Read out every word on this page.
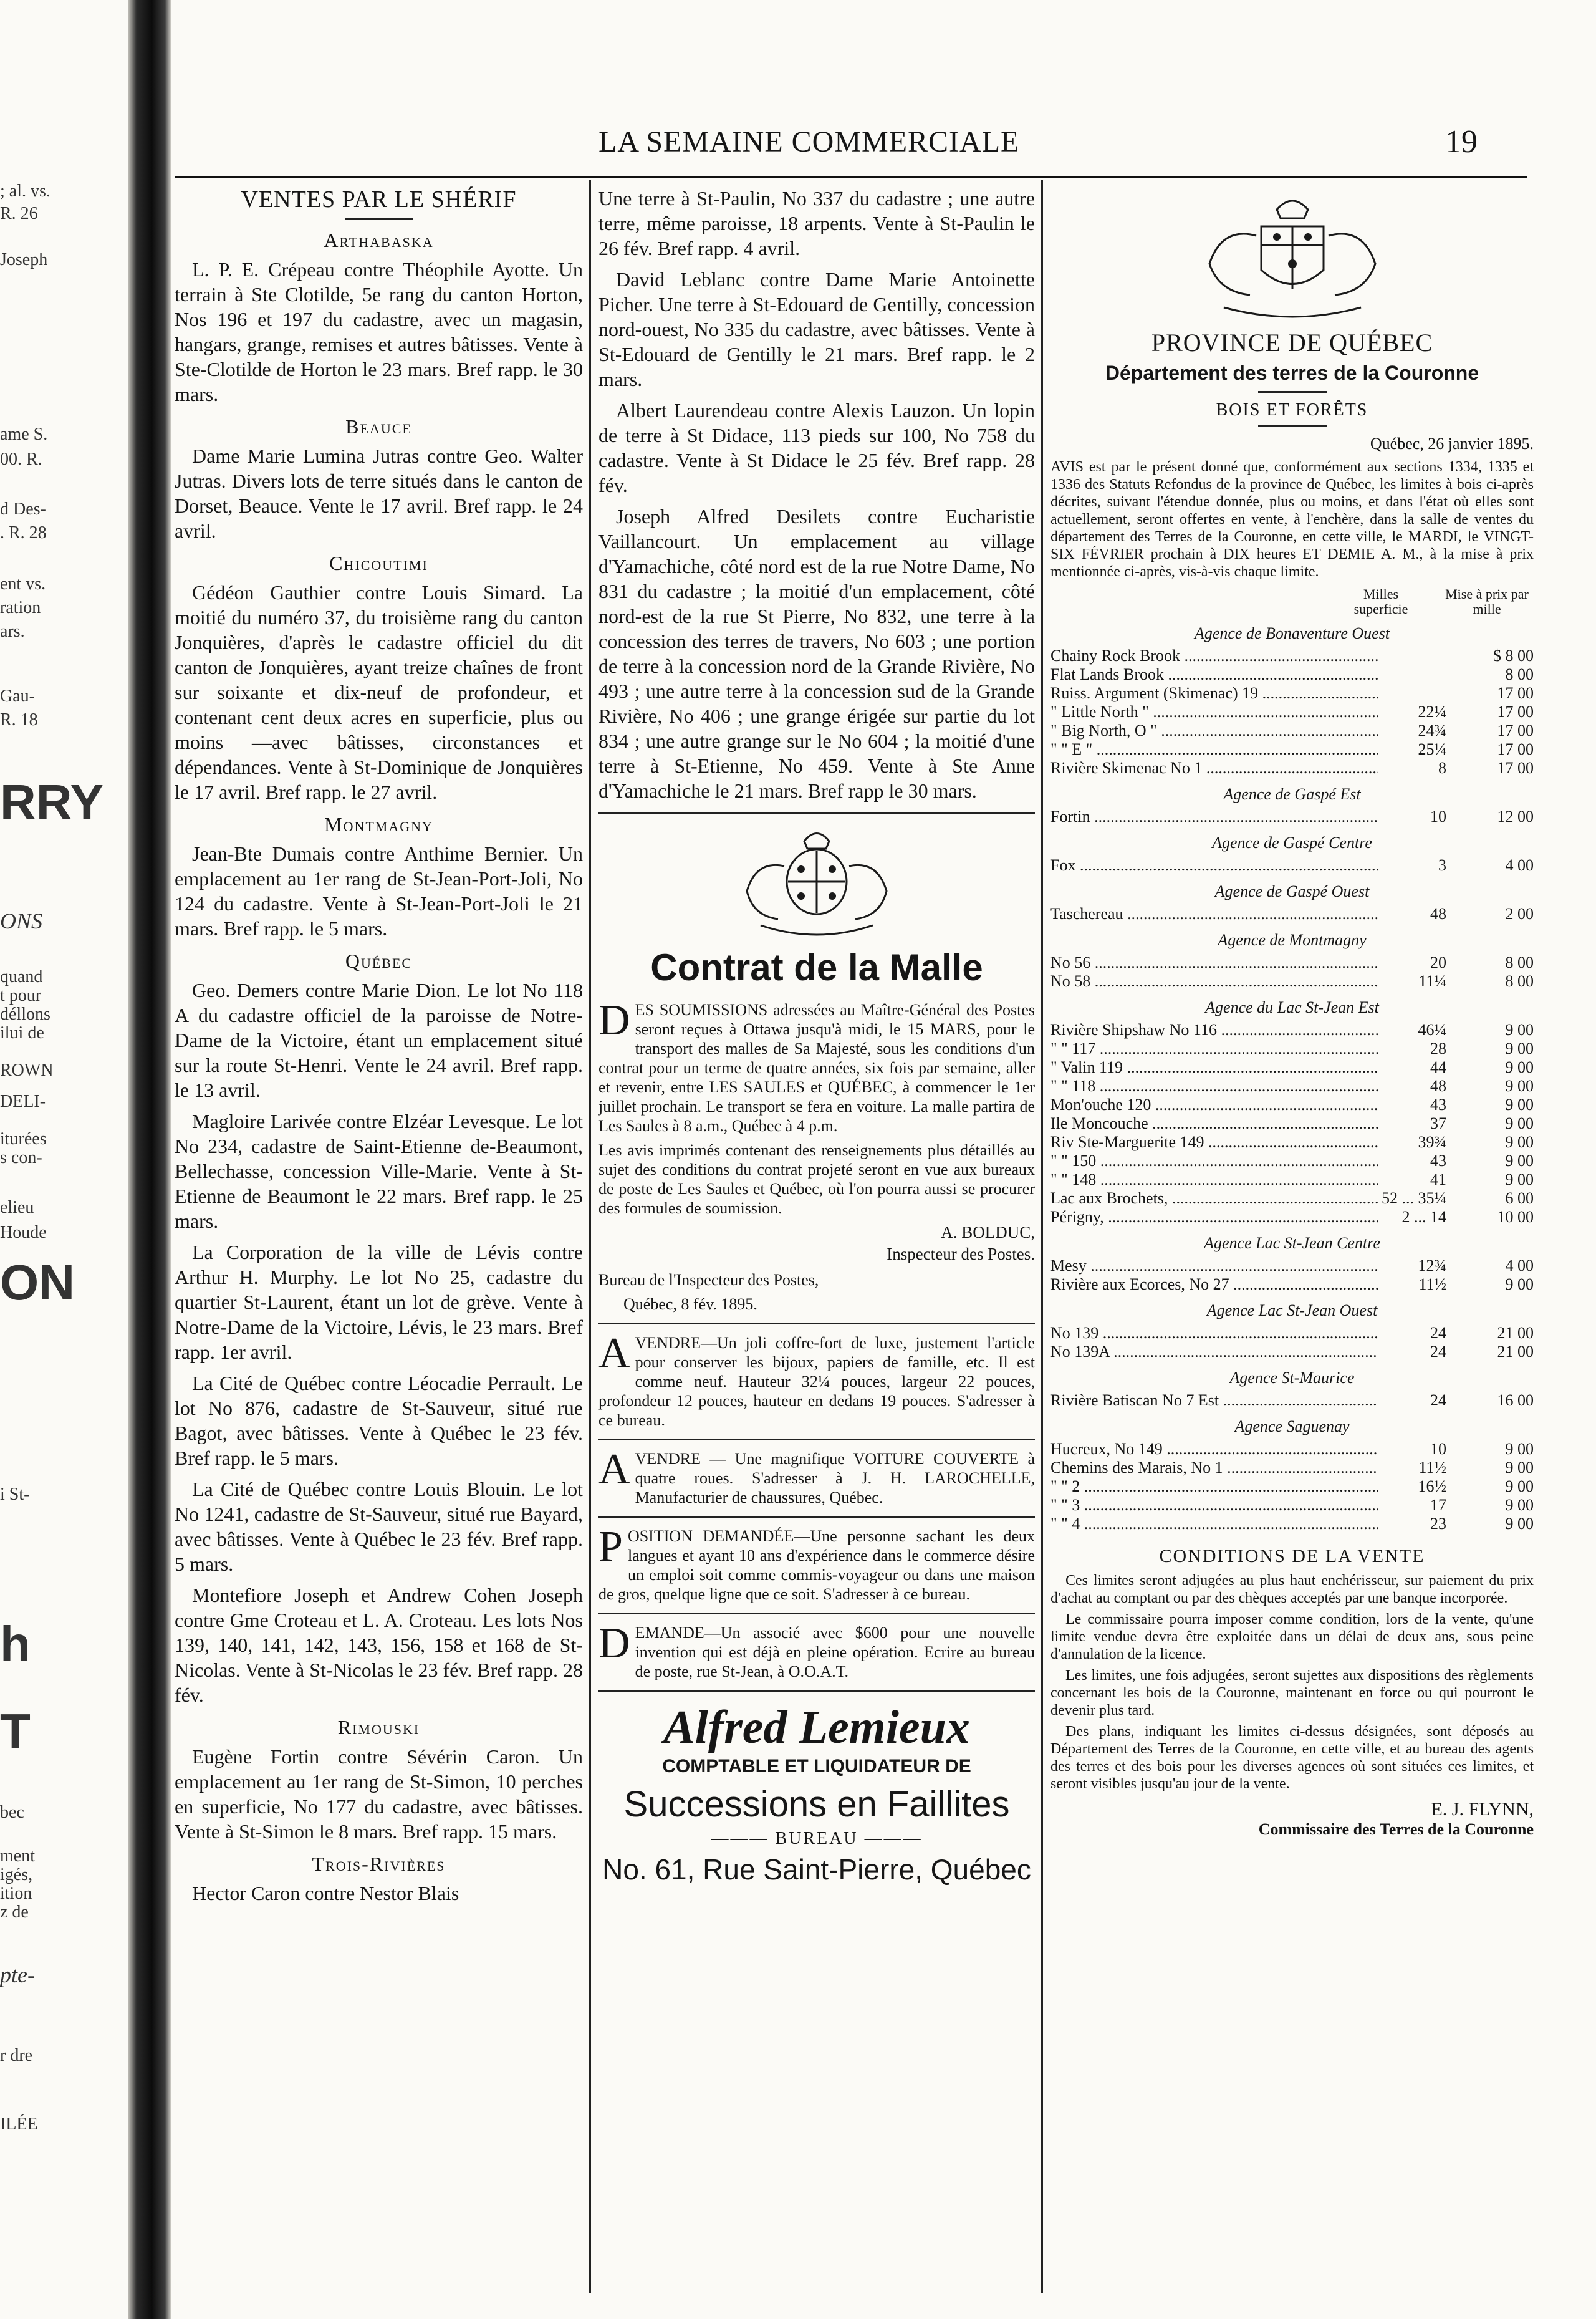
; al. vs.
R. 26
Joseph
ame S.
00. R.
d Des-
. R. 28
ent vs.
ration
ars.
Gau-
R. 18
RRY
ONS
quand
t pour
déllons
ilui de
ROWN
DELI-
iturées
s con-
elieu
Houde
ON
i St-
h
T
bec
ment
igés,
ition
z de
pte-
r dre
ILÉE
LA SEMAINE COMMERCIALE	19
VENTES PAR LE SHÉRIF
Arthabaska

L. P. E. Crépeau contre Théophile Ayotte. Un terrain à Ste Clotilde, 5e rang du canton Horton, Nos 196 et 197 du cadastre, avec un magasin, hangars, grange, remises et autres bâtisses. Vente à Ste-Clotilde de Horton le 23 mars. Bref rapp. le 30 mars.

Beauce

Dame Marie Lumina Jutras contre Geo. Walter Jutras. Divers lots de terre situés dans le canton de Dorset, Beauce. Vente le 17 avril. Bref rapp. le 24 avril.

Chicoutimi

Gédéon Gauthier contre Louis Simard. La moitié du numéro 37, du troisième rang du canton Jonquières, d'après le cadastre officiel du dit canton de Jonquières, ayant treize chaînes de front sur soixante et dix-neuf de profondeur, et contenant cent deux acres en superficie, plus ou moins —avec bâtisses, circonstances et dépendances. Vente à St-Dominique de Jonquières le 17 avril. Bref rapp. le 27 avril.

Montmagny

Jean-Bte Dumais contre Anthime Bernier. Un emplacement au 1er rang de St-Jean-Port-Joli, No 124 du cadastre. Vente à St-Jean-Port-Joli le 21 mars. Bref rapp. le 5 mars.

Québec

Geo. Demers contre Marie Dion. Le lot No 118 A du cadastre officiel de la paroisse de Notre-Dame de la Victoire, étant un emplacement situé sur la route St-Henri. Vente le 24 avril. Bref rapp. le 13 avril.

Magloire Larivée contre Elzéar Levesque. Le lot No 234, cadastre de Saint-Etienne de-Beaumont, Bellechasse, concession Ville-Marie. Vente à St-Etienne de Beaumont le 22 mars. Bref rapp. le 25 mars.

La Corporation de la ville de Lévis contre Arthur H. Murphy. Le lot No 25, cadastre du quartier St-Laurent, étant un lot de grève. Vente à Notre-Dame de la Victoire, Lévis, le 23 mars. Bref rapp. 1er avril.

La Cité de Québec contre Léocadie Perrault. Le lot No 876, cadastre de St-Sauveur, situé rue Bagot, avec bâtisses. Vente à Québec le 23 fév. Bref rapp. le 5 mars.

La Cité de Québec contre Louis Blouin. Le lot No 1241, cadastre de St-Sauveur, situé rue Bayard, avec bâtisses. Vente à Québec le 23 fév. Bref rapp. 5 mars.

Montefiore Joseph et Andrew Cohen Joseph contre Gme Croteau et L. A. Croteau. Les lots Nos 139, 140, 141, 142, 143, 156, 158 et 168 de St-Nicolas. Vente à St-Nicolas le 23 fév. Bref rapp. 28 fév.

Rimouski

Eugène Fortin contre Sévérin Caron. Un emplacement au 1er rang de St-Simon, 10 perches en superficie, No 177 du cadastre, avec bâtisses. Vente à St-Simon le 8 mars. Bref rapp. 15 mars.

Trois-Rivières

Hector Caron contre Nestor Blais

Une terre à St-Paulin, No 337 du cadastre ; une autre terre, même paroisse, 18 arpents. Vente à St-Paulin le 26 fév. Bref rapp. 4 avril.

David Leblanc contre Dame Marie Antoinette Picher. Une terre à St-Edouard de Gentilly, concession nord-ouest, No 335 du cadastre, avec bâtisses. Vente à St-Edouard de Gentilly le 21 mars. Bref rapp. le 2 mars.

Albert Laurendeau contre Alexis Lauzon. Un lopin de terre à St Didace, 113 pieds sur 100, No 758 du cadastre. Vente à St Didace le 25 fév. Bref rapp. 28 fév.

Joseph Alfred Desilets contre Eucharistie Vaillancourt. Un emplacement au village d'Yamachiche, côté nord est de la rue Notre Dame, No 831 du cadastre ; la moitié d'un emplacement, côté nord-est de la rue St Pierre, No 832, une terre à la concession des terres de travers, No 603 ; une portion de terre à la concession nord de la Grande Rivière, No 493 ; une autre terre à la concession sud de la Grande Rivière, No 406 ; une grange érigée sur partie du lot 834 ; une autre grange sur le No 604 ; la moitié d'une terre à St-Etienne, No 459. Vente à Ste Anne d'Yamachiche le 21 mars. Bref rapp le 30 mars.

Contrat de la Malle

DES SOUMISSIONS adressées au Maître-Général des Postes seront reçues à Ottawa jusqu'à midi, le 15 MARS, pour le transport des malles de Sa Majesté, sous les conditions d'un contrat pour un terme de quatre années, six fois par semaine, aller et revenir, entre LES SAULES et QUÉBEC, à commencer le 1er juillet prochain. Le transport se fera en voiture. La malle partira de Les Saules à 8 a.m., Québec à 4 p.m.

Les avis imprimés contenant des renseignements plus détaillés au sujet des conditions du contrat projeté seront en vue aux bureaux de poste de Les Saules et Québec, où l'on pourra aussi se procurer des formules de soumission.

A. BOLDUC,
Inspecteur des Postes.
Bureau de l'Inspecteur des Postes,
Québec, 8 fév. 1895.

AVENDRE—Un joli coffre-fort de luxe, justement l'article pour conserver les bijoux, papiers de famille, etc. Il est comme neuf. Hauteur 32¼ pouces, largeur 22 pouces, profondeur 12 pouces, hauteur en dedans 19 pouces. S'adresser à ce bureau.

AVENDRE — Une magnifique VOITURE COUVERTE à quatre roues. S'adresser à J. H. LAROCHELLE, Manufacturier de chaussures, Québec.

POSITION DEMANDÉE—Une personne sachant les deux langues et ayant 10 ans d'expérience dans le commerce désire un emploi soit comme commis-voyageur ou dans une maison de gros, quelque ligne que ce soit. S'adresser à ce bureau.

DEMANDE—Un associé avec $600 pour une nouvelle invention qui est déjà en pleine opération. Ecrire au bureau de poste, rue St-Jean, à O.O.A.T.

Alfred Lemieux
COMPTABLE ET LIQUIDATEUR DE
Successions en Faillites
——— BUREAU ———
No. 61, Rue Saint-Pierre, Québec
PROVINCE DE QUÉBEC
Département des terres de la Couronne
BOIS ET FORÊTS
Québec, 26 janvier 1895.

AVIS est par le présent donné que, conformément aux sections 1334, 1335 et 1336 des Statuts Refondus de la province de Québec, les limites à bois ci-après décrites, suivant l'étendue donnée, plus ou moins, et dans l'état où elles sont actuellement, seront offertes en vente, à l'enchère, dans la salle de ventes du département des Terres de la Couronne, en cette ville, le MARDI, le VINGT-SIX FÉVRIER prochain à DIX heures ET DEMIE A. M., à la mise à prix mentionnée ci-après, vis-à-vis chaque limite.

Milles superficie
Mise à prix par mille
Agence de Bonaventure Ouest
Chainy Rock Brook .....	$ 8 00
Flat Lands Brook .....	8 00
Ruiss. Argument (Skimenac) 19 .....	17 00
" Little North " .....	22¼	17 00
" Big North, O " .....	24¾	17 00
" " E " .....	25¼	17 00
Rivière Skimenac No 1 .....	8	17 00
Agence de Gaspé Est
Fortin .....	10	12 00
Agence de Gaspé Centre
Fox .....	3	4 00
Agence de Gaspé Ouest
Taschereau .....	48	2 00
Agence de Montmagny
No 56 .....	20	8 00
No 58 .....	11¼	8 00
Agence du Lac St-Jean Est
Rivière Shipshaw No 116 .....	46¼	9 00
" " 117 .....	28	9 00
" Valin 119 .....	44	9 00
" " 118 .....	48	9 00
Mon'ouche 120 .....	43	9 00
Ile Moncouche .....	37	9 00
Riv Ste-Marguerite 149 .....	39¾	9 00
" " 150 .....	43	9 00
" " 148 .....	41	9 00
Lac aux Brochets, .....	52 ... 35¼	6 00
Périgny, .....	2 ... 14	10 00
Agence Lac St-Jean Centre
Mesy .....	12¾	4 00
Rivière aux Ecorces, No 27 .....	11½	9 00
Agence Lac St-Jean Ouest
No 139 .....	24	21 00
No 139A .....	24	21 00
Agence St-Maurice
Rivière Batiscan No 7 Est .....	24	16 00
Agence Saguenay
Hucreux, No 149 .....	10	9 00
Chemins des Marais, No 1 .....	11½	9 00
" " 2 .....	16½	9 00
" " 3 .....	17	9 00
" " 4 .....	23	9 00
CONDITIONS DE LA VENTE

Ces limites seront adjugées au plus haut enchérisseur, sur paiement du prix d'achat au comptant ou par des chèques acceptés par une banque incorporée.

Le commissaire pourra imposer comme condition, lors de la vente, qu'une limite vendue devra être exploitée dans un délai de deux ans, sous peine d'annulation de la licence.

Les limites, une fois adjugées, seront sujettes aux dispositions des règlements concernant les bois de la Couronne, maintenant en force ou qui pourront le devenir plus tard.

Des plans, indiquant les limites ci-dessus désignées, sont déposés au Département des Terres de la Couronne, en cette ville, et au bureau des agents des terres et des bois pour les diverses agences où sont situées ces limites, et seront visibles jusqu'au jour de la vente.

E. J. FLYNN,
Commissaire des Terres de la Couronne
